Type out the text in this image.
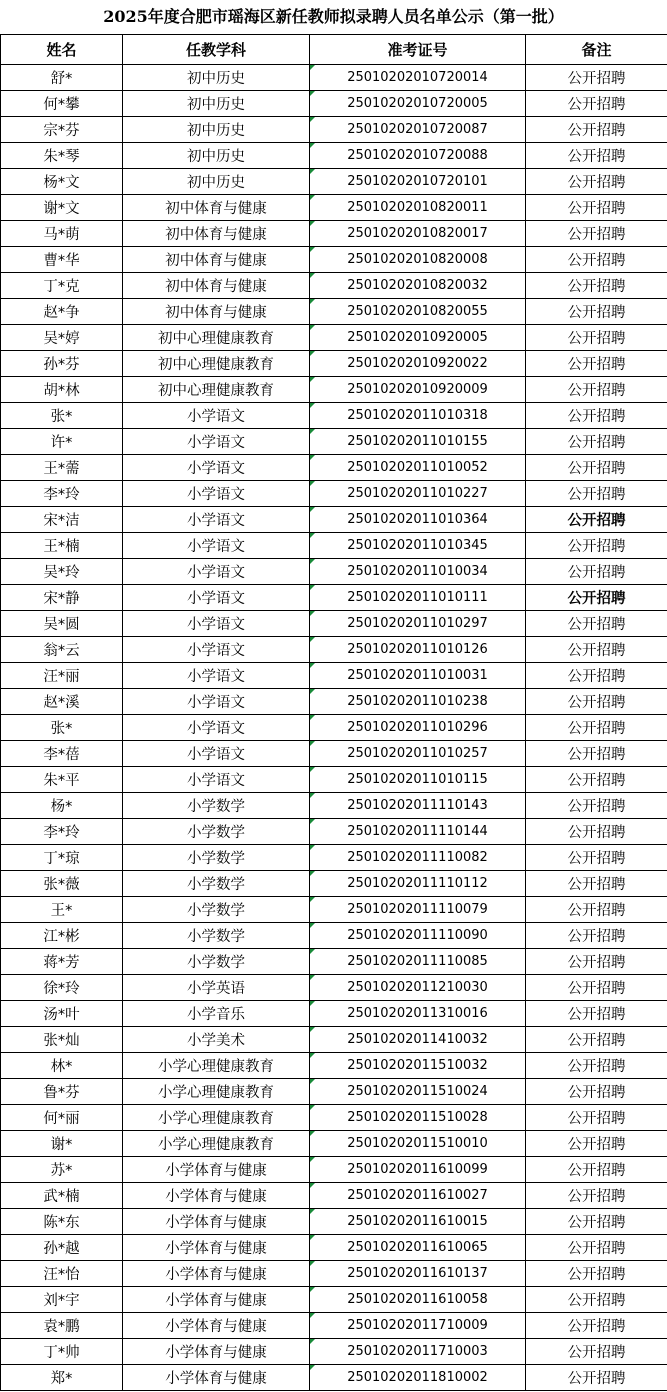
2025年度合肥市瑶海区新任教师拟录聘人员名单公示（第一批）
姓名	任教学科	准考证号	备注
舒*	初中历史	25010202010720014	公开招聘
何*攀	初中历史	25010202010720005	公开招聘
宗*芬	初中历史	25010202010720087	公开招聘
朱*琴	初中历史	25010202010720088	公开招聘
杨*文	初中历史	25010202010720101	公开招聘
谢*文	初中体育与健康	25010202010820011	公开招聘
马*萌	初中体育与健康	25010202010820017	公开招聘
曹*华	初中体育与健康	25010202010820008	公开招聘
丁*克	初中体育与健康	25010202010820032	公开招聘
赵*争	初中体育与健康	25010202010820055	公开招聘
吴*婷	初中心理健康教育	25010202010920005	公开招聘
孙*芬	初中心理健康教育	25010202010920022	公开招聘
胡*林	初中心理健康教育	25010202010920009	公开招聘
张*	小学语文	25010202011010318	公开招聘
许*	小学语文	25010202011010155	公开招聘
王*薷	小学语文	25010202011010052	公开招聘
李*玲	小学语文	25010202011010227	公开招聘
宋*洁	小学语文	25010202011010364	公开招聘
王*楠	小学语文	25010202011010345	公开招聘
吴*玲	小学语文	25010202011010034	公开招聘
宋*静	小学语文	25010202011010111	公开招聘
吴*圆	小学语文	25010202011010297	公开招聘
翁*云	小学语文	25010202011010126	公开招聘
汪*丽	小学语文	25010202011010031	公开招聘
赵*溪	小学语文	25010202011010238	公开招聘
张*	小学语文	25010202011010296	公开招聘
李*蓓	小学语文	25010202011010257	公开招聘
朱*平	小学语文	25010202011010115	公开招聘
杨*	小学数学	25010202011110143	公开招聘
李*玲	小学数学	25010202011110144	公开招聘
丁*琼	小学数学	25010202011110082	公开招聘
张*薇	小学数学	25010202011110112	公开招聘
王*	小学数学	25010202011110079	公开招聘
江*彬	小学数学	25010202011110090	公开招聘
蒋*芳	小学数学	25010202011110085	公开招聘
徐*玲	小学英语	25010202011210030	公开招聘
汤*叶	小学音乐	25010202011310016	公开招聘
张*灿	小学美术	25010202011410032	公开招聘
林*	小学心理健康教育	25010202011510032	公开招聘
鲁*芬	小学心理健康教育	25010202011510024	公开招聘
何*丽	小学心理健康教育	25010202011510028	公开招聘
谢*	小学心理健康教育	25010202011510010	公开招聘
苏*	小学体育与健康	25010202011610099	公开招聘
武*楠	小学体育与健康	25010202011610027	公开招聘
陈*东	小学体育与健康	25010202011610015	公开招聘
孙*越	小学体育与健康	25010202011610065	公开招聘
汪*怡	小学体育与健康	25010202011610137	公开招聘
刘*宇	小学体育与健康	25010202011610058	公开招聘
袁*鹏	小学体育与健康	25010202011710009	公开招聘
丁*帅	小学体育与健康	25010202011710003	公开招聘
郑*	小学体育与健康	25010202011810002	公开招聘
